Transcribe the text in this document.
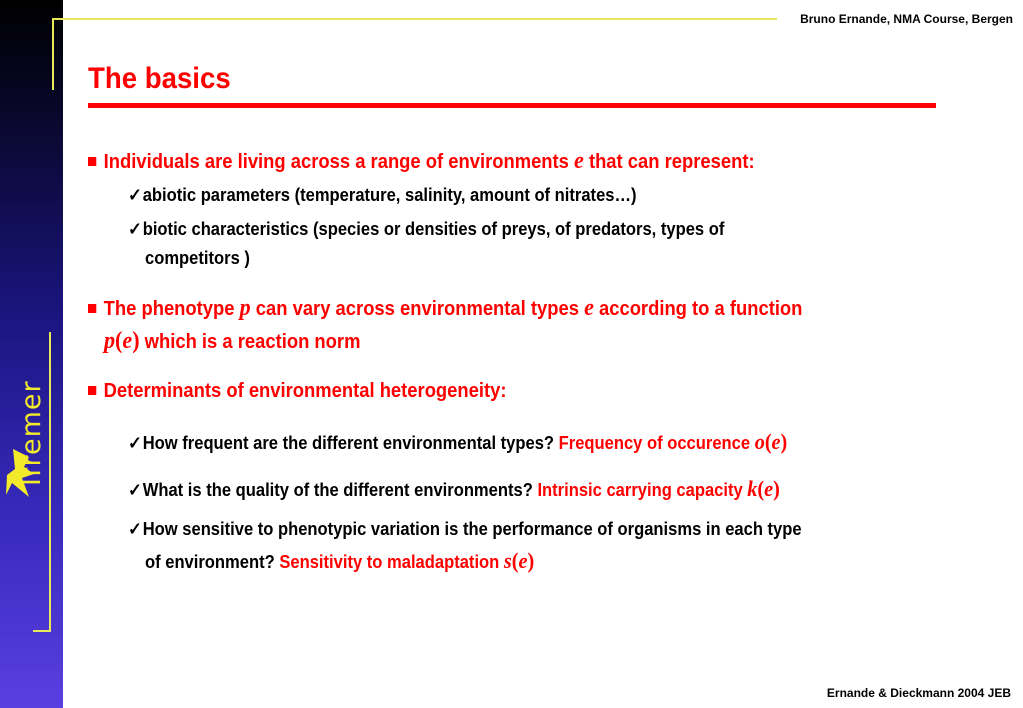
Ifremer
Bruno Ernande, NMA Course, Bergen
The basics
Individuals are living across a range of environments e that can represent:
✓abiotic parameters (temperature, salinity, amount of nitrates…)
✓biotic characteristics (species or densities of preys, of predators, types of
competitors )
The phenotype p can vary across environmental types e according to a function
p(e) which is a reaction norm
Determinants of environmental heterogeneity:
✓How frequent are the different environmental types? Frequency of occurence o(e)
✓What is the quality of the different environments? Intrinsic carrying capacity k(e)
✓How sensitive to phenotypic variation is the performance of organisms in each type
of environment? Sensitivity to maladaptation s(e)
Ernande & Dieckmann 2004 JEB
